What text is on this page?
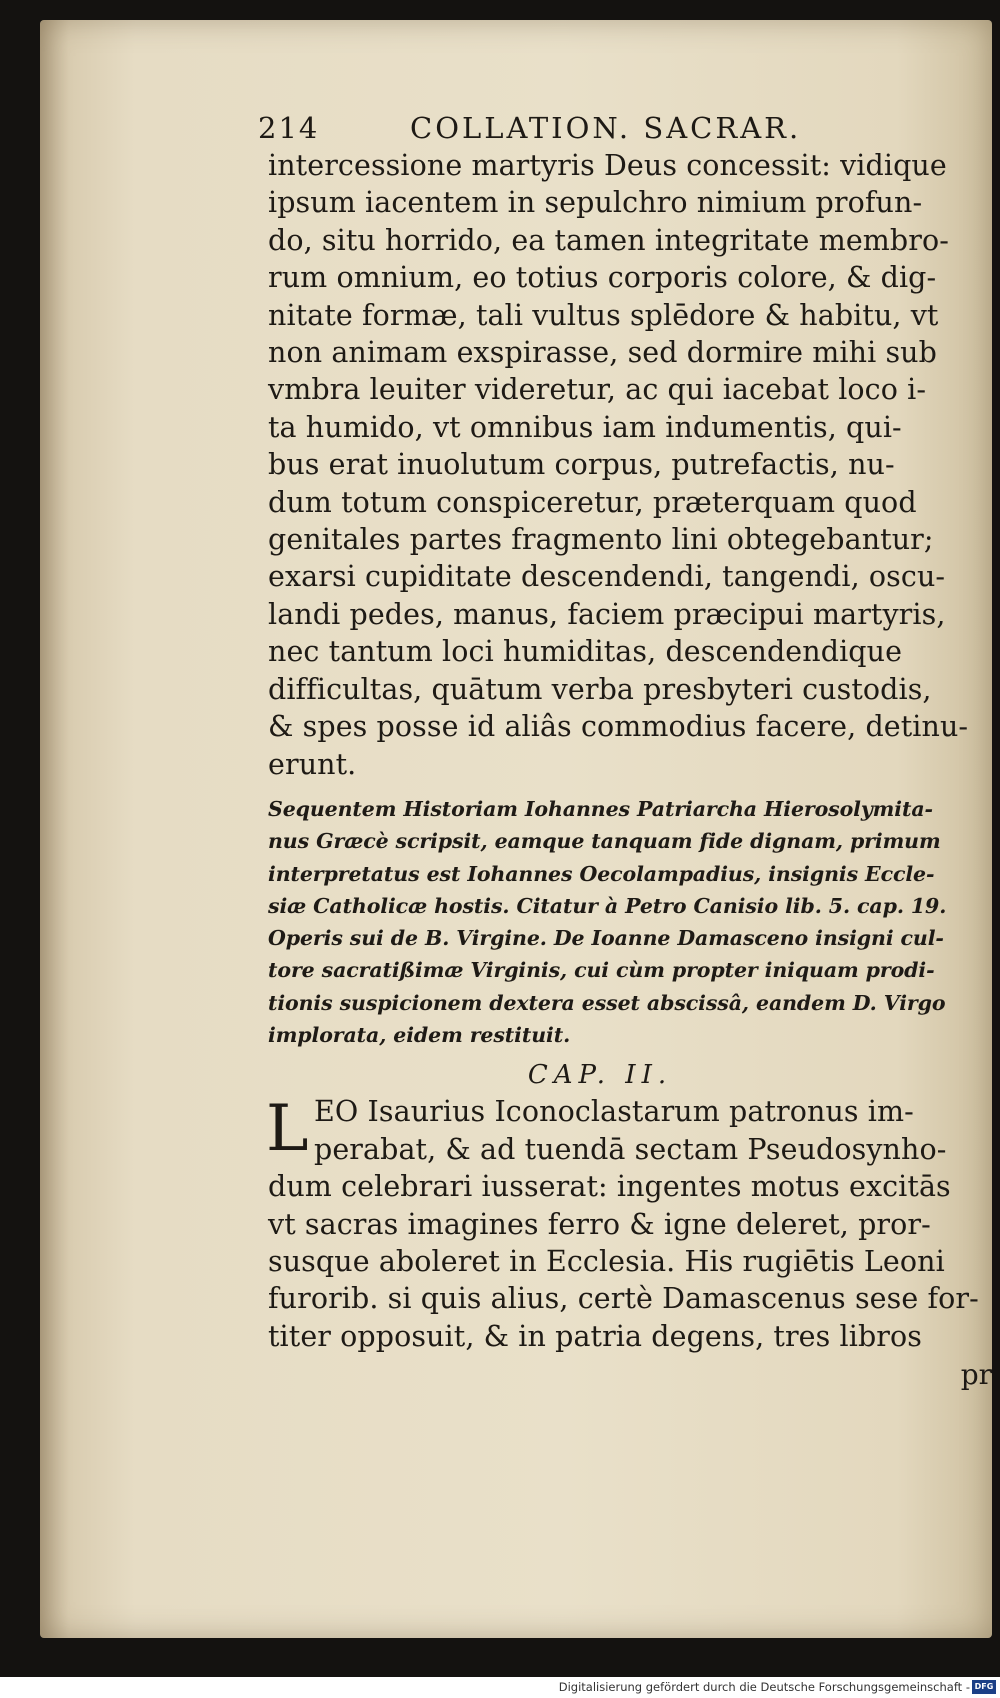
214	COLLATION. SACRAR.
intercessione martyris Deus concessit: vidique
ipsum iacentem in sepulchro nimium profun-
do, situ horrido, ea tamen integritate membro-
rum omnium, eo totius corporis colore, & dig-
nitate formæ, tali vultus splēdore & habitu, vt
non animam exspirasse, sed dormire mihi sub
vmbra leuiter videretur, ac qui iacebat loco i-
ta humido, vt omnibus iam indumentis, qui-
bus erat inuolutum corpus, putrefactis, nu-
dum totum conspiceretur, præterquam quod
genitales partes fragmento lini obtegebantur;
exarsi cupiditate descendendi, tangendi, oscu-
landi pedes, manus, faciem præcipui martyris,
nec tantum loci humiditas, descendendique
difficultas, quātum verba presbyteri custodis,
& spes posse id aliâs commodius facere, detinu-
erunt.
Sequentem Historiam Iohannes Patriarcha Hierosolymita-
nus Græcè scripsit, eamque tanquam fide dignam, primum
interpretatus est Iohannes Oecolampadius, insignis Eccle-
siæ Catholicæ hostis. Citatur à Petro Canisio lib. 5. cap. 19.
Operis sui de B. Virgine. De Ioanne Damasceno insigni cul-
tore sacratißimæ Virginis, cui cùm propter iniquam prodi-
tionis suspicionem dextera esset abscissâ, eandem D. Virgo
implorata, eidem restituit.
CAP. II.
L EO Isaurius Iconoclastarum patronus im-
perabat, & ad tuendā sectam Pseudosynho-
dum celebrari iusserat: ingentes motus excitās
vt sacras imagines ferro & igne deleret, pror-
susque aboleret in Ecclesia. His rugiētis Leoni
furorib. si quis alius, certè Damascenus sese for-
titer opposuit, & in patria degens, tres libros
pr
Digitalisierung gefördert durch die Deutsche Forschungsgemeinschaft - DFG
